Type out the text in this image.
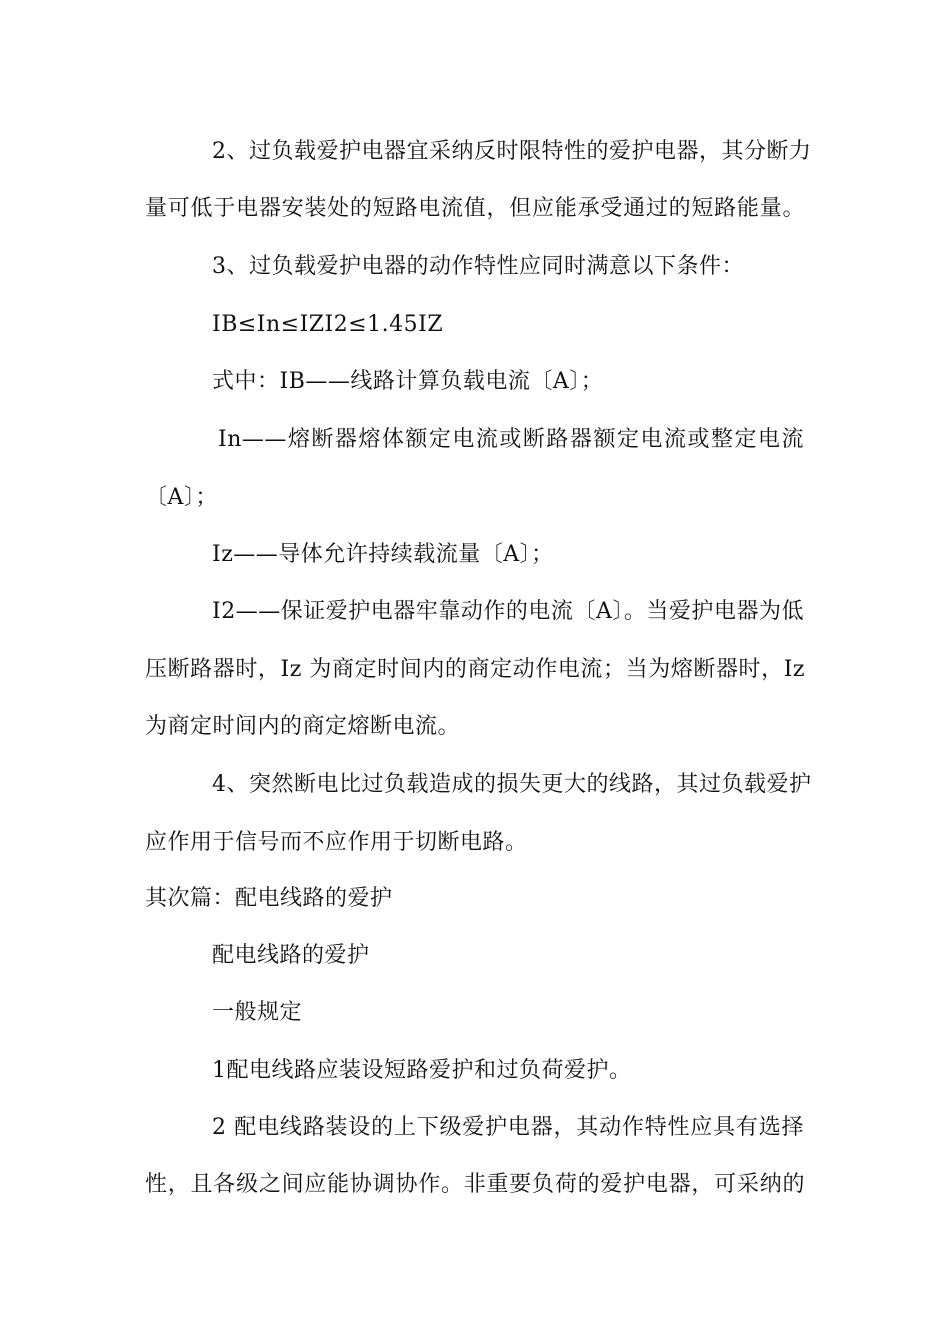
2、过负载爱护电器宜采纳反时限特性的爱护电器，其分断力
量可低于电器安装处的短路电流值，但应能承受通过的短路能量。
3、过负载爱护电器的动作特性应同时满意以下条件：
IB≤In≤IZI2≤1.45IZ
式中：IB——线路计算负载电流〔A〕；
In——熔断器熔体额定电流或断路器额定电流或整定电流
〔A〕；
Iz——导体允许持续载流量〔A〕；
I2——保证爱护电器牢靠动作的电流〔A〕。当爱护电器为低
压断路器时，Iz 为商定时间内的商定动作电流；当为熔断器时，Iz
为商定时间内的商定熔断电流。
4、突然断电比过负载造成的损失更大的线路，其过负载爱护
应作用于信号而不应作用于切断电路。
其次篇：配电线路的爱护
配电线路的爱护
一般规定
1配电线路应装设短路爱护和过负荷爱护。
2 配电线路装设的上下级爱护电器，其动作特性应具有选择
性，且各级之间应能协调协作。非重要负荷的爱护电器，可采纳的
